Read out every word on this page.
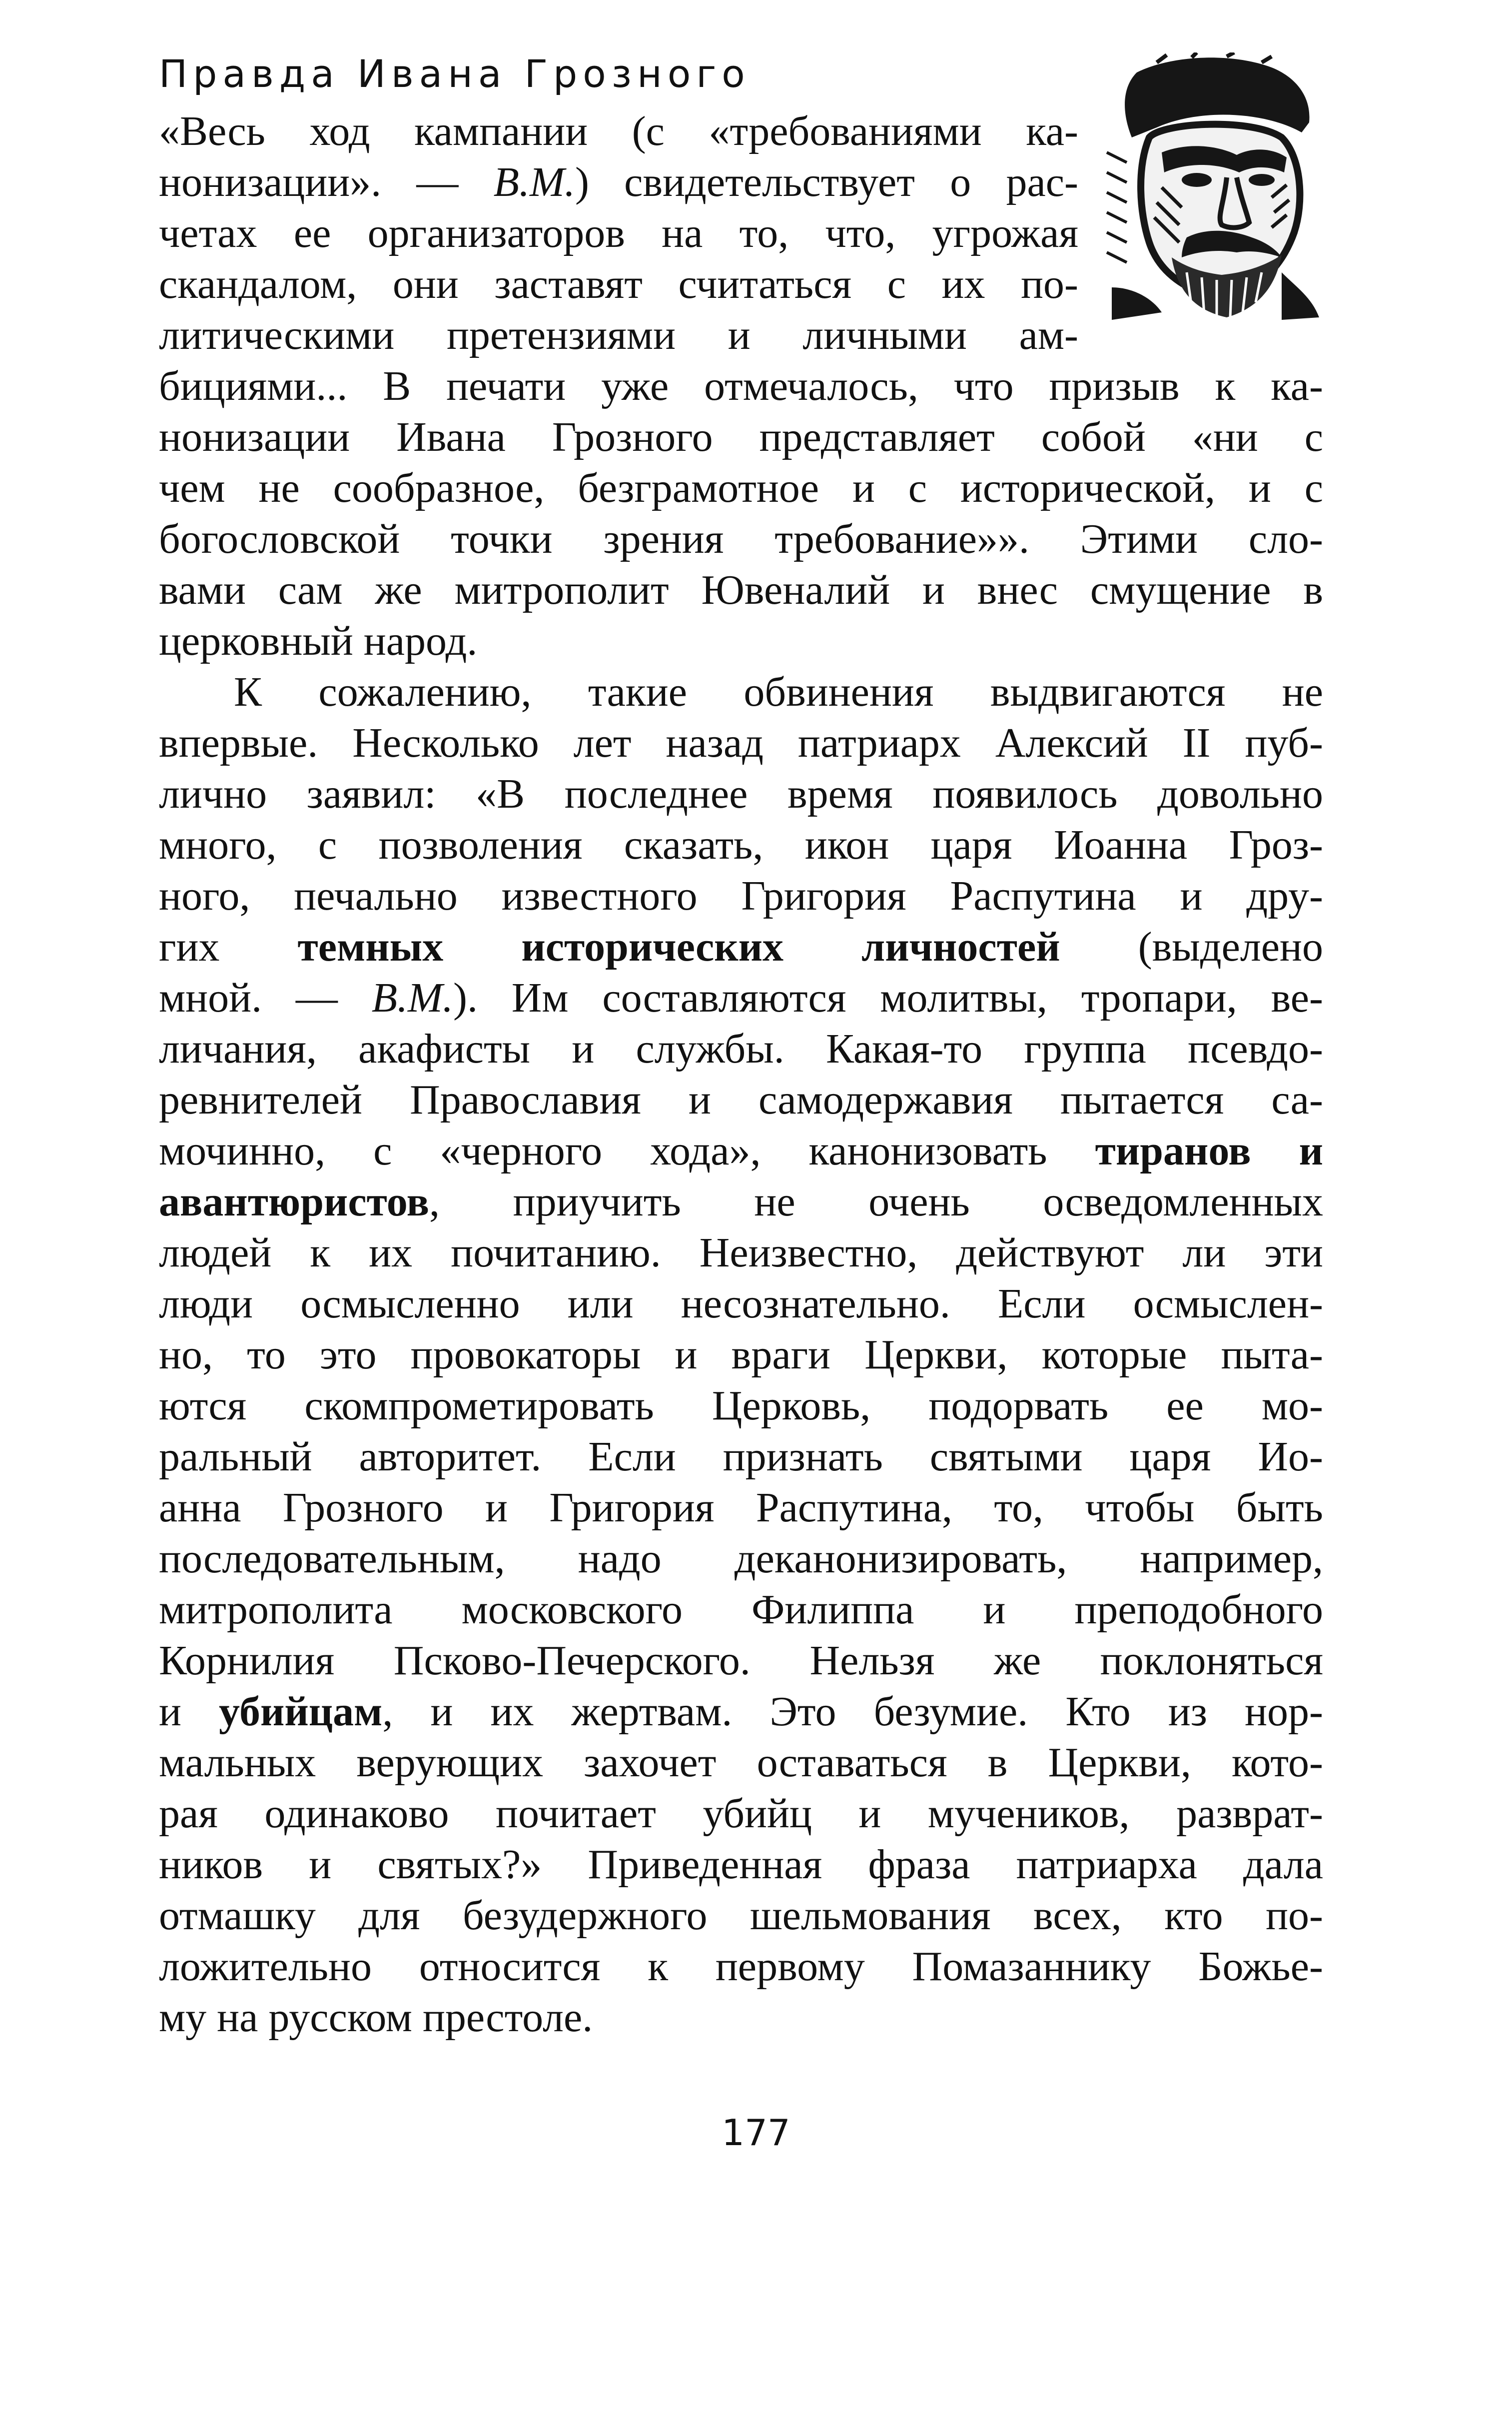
Правда Ивана Грозного

«Весь ход кампании (с «требованиями ка-
нонизации». — В.М.) свидетельствует о рас-
четах ее организаторов на то, что, угрожая
скандалом, они заставят считаться с их по-
литическими претензиями и личными ам-
бициями... В печати уже отмечалось, что призыв к ка-
нонизации Ивана Грозного представляет собой «ни с
чем не сообразное, безграмотное и с исторической, и с
богословской точки зрения требование»». Этими сло-
вами сам же митрополит Ювеналий и внес смущение в
церковный народ.

К сожалению, такие обвинения выдвигаются не
впервые. Несколько лет назад патриарх Алексий II пуб-
лично заявил: «В последнее время появилось довольно
много, с позволения сказать, икон царя Иоанна Гроз-
ного, печально известного Григория Распутина и дру-
гих темных исторических личностей (выделено
мной. — В.М.). Им составляются молитвы, тропари, ве-
личания, акафисты и службы. Какая-то группа псевдо-
ревнителей Православия и самодержавия пытается са-
мочинно, с «черного хода», канонизовать тиранов и
авантюристов, приучить не очень осведомленных
людей к их почитанию. Неизвестно, действуют ли эти
люди осмысленно или несознательно. Если осмыслен-
но, то это провокаторы и враги Церкви, которые пыта-
ются скомпрометировать Церковь, подорвать ее мо-
ральный авторитет. Если признать святыми царя Ио-
анна Грозного и Григория Распутина, то, чтобы быть
последовательным, надо деканонизировать, например,
митрополита московского Филиппа и преподобного
Корнилия Псково-Печерского. Нельзя же поклоняться
и убийцам, и их жертвам. Это безумие. Кто из нор-
мальных верующих захочет оставаться в Церкви, кото-
рая одинаково почитает убийц и мучеников, разврат-
ников и святых?» Приведенная фраза патриарха дала
отмашку для безудержного шельмования всех, кто по-
ложительно относится к первому Помазаннику Божье-
му на русском престоле.

177
